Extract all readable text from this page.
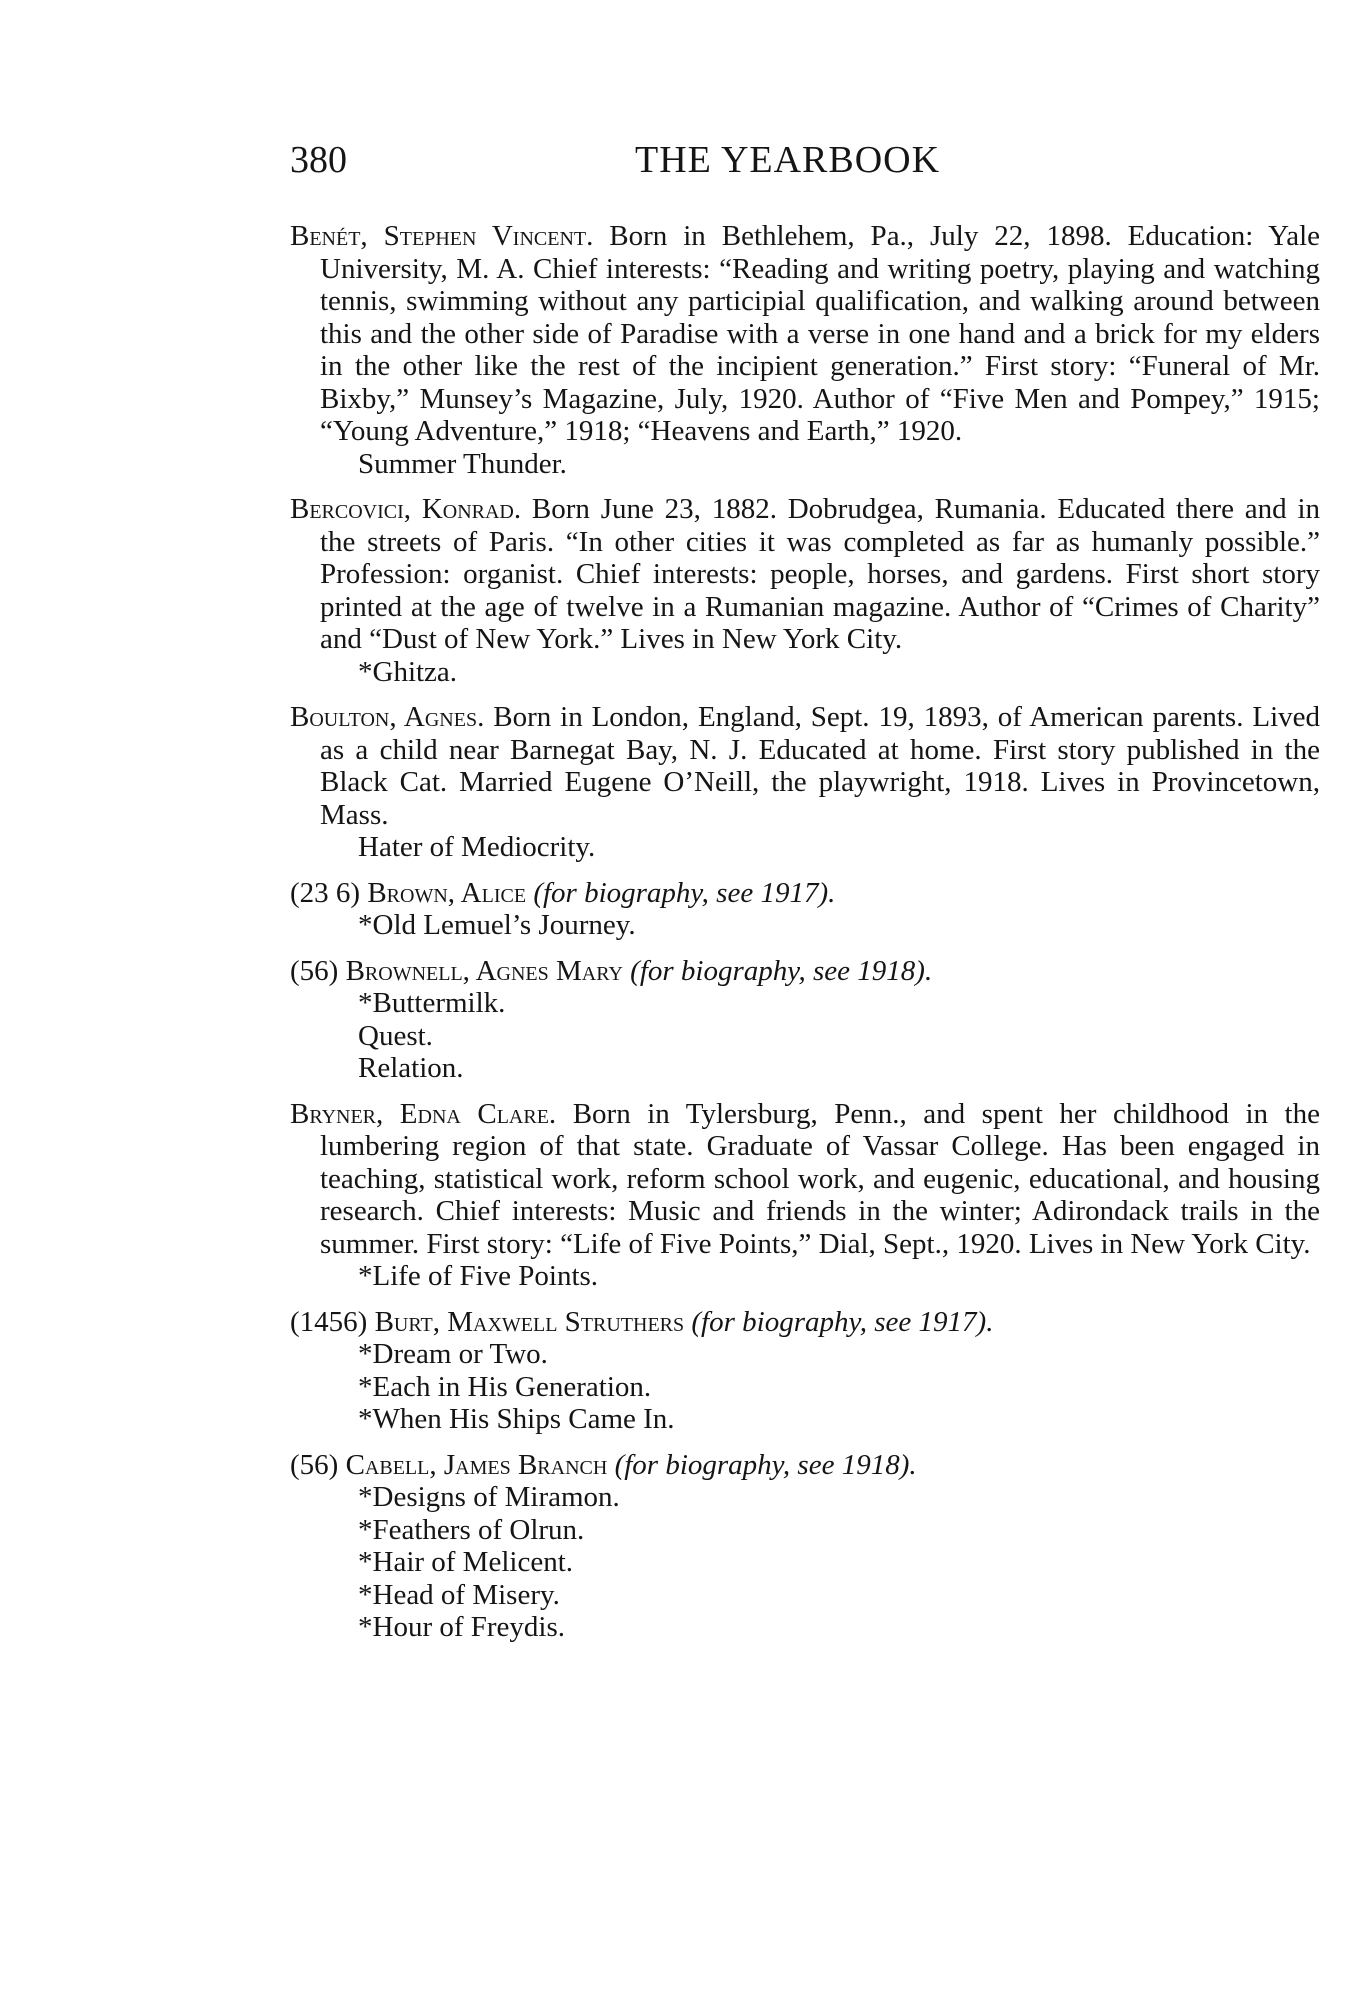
380	THE YEARBOOK
Benét, Stephen Vincent. Born in Bethlehem, Pa., July 22, 1898. Education: Yale University, M. A. Chief interests: “Reading and writing poetry, playing and watching tennis, swimming without any participial qualification, and walking around between this and the other side of Paradise with a verse in one hand and a brick for my elders in the other like the rest of the incipient generation.” First story: “Funeral of Mr. Bixby,” Munsey’s Magazine, July, 1920. Author of “Five Men and Pompey,” 1915; “Young Adventure,” 1918; “Heavens and Earth,” 1920.
Summer Thunder.
Bercovici, Konrad. Born June 23, 1882. Dobrudgea, Rumania. Educated there and in the streets of Paris. “In other cities it was completed as far as humanly possible.” Profession: organist. Chief interests: people, horses, and gardens. First short story printed at the age of twelve in a Rumanian magazine. Author of “Crimes of Charity” and “Dust of New York.” Lives in New York City.
*Ghitza.
Boulton, Agnes. Born in London, England, Sept. 19, 1893, of American parents. Lived as a child near Barnegat Bay, N. J. Educated at home. First story published in the Black Cat. Married Eugene O’Neill, the playwright, 1918. Lives in Provincetown, Mass.
Hater of Mediocrity.
(23 6) Brown, Alice (for biography, see 1917).
*Old Lemuel’s Journey.
(56) Brownell, Agnes Mary (for biography, see 1918).
*Buttermilk.
Quest.
Relation.
Bryner, Edna Clare. Born in Tylersburg, Penn., and spent her childhood in the lumbering region of that state. Graduate of Vassar College. Has been engaged in teaching, statistical work, reform school work, and eugenic, educational, and housing research. Chief interests: Music and friends in the winter; Adirondack trails in the summer. First story: “Life of Five Points,” Dial, Sept., 1920. Lives in New York City.
*Life of Five Points.
(1456) Burt, Maxwell Struthers (for biography, see 1917).
*Dream or Two.
*Each in His Generation.
*When His Ships Came In.
(56) Cabell, James Branch (for biography, see 1918).
*Designs of Miramon.
*Feathers of Olrun.
*Hair of Melicent.
*Head of Misery.
*Hour of Freydis.
